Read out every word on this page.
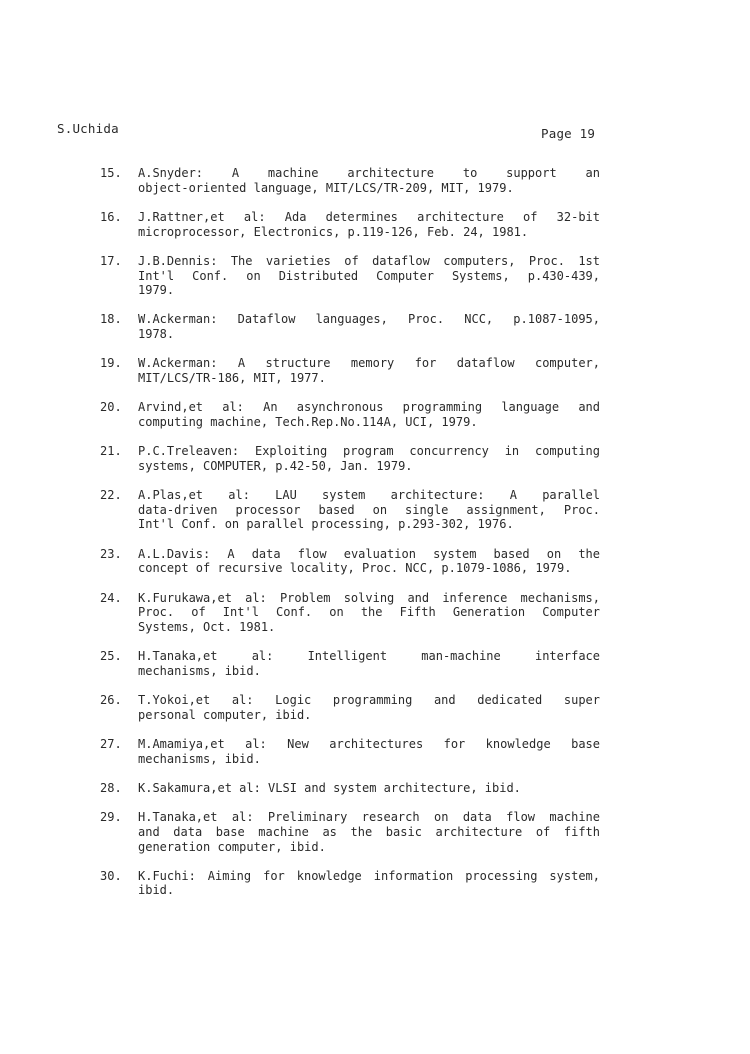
S.Uchida	Page 19
15. A.Snyder: A machine architecture to support an
object-oriented language, MIT/LCS/TR-209, MIT, 1979.
16. J.Rattner,et al: Ada determines architecture of 32-bit
microprocessor, Electronics, p.119-126, Feb. 24, 1981.
17. J.B.Dennis: The varieties of dataflow computers, Proc. 1st
Int'l Conf. on Distributed Computer Systems, p.430-439,
1979.
18. W.Ackerman: Dataflow languages, Proc. NCC, p.1087-1095,
1978.
19. W.Ackerman: A structure memory for dataflow computer,
MIT/LCS/TR-186, MIT, 1977.
20. Arvind,et al: An asynchronous programming language and
computing machine, Tech.Rep.No.114A, UCI, 1979.
21. P.C.Treleaven: Exploiting program concurrency in computing
systems, COMPUTER, p.42-50, Jan. 1979.
22. A.Plas,et al: LAU system architecture: A parallel
data-driven processor based on single assignment, Proc.
Int'l Conf. on parallel processing, p.293-302, 1976.
23. A.L.Davis: A data flow evaluation system based on the
concept of recursive locality, Proc. NCC, p.1079-1086, 1979.
24. K.Furukawa,et al: Problem solving and inference mechanisms,
Proc. of Int'l Conf. on the Fifth Generation Computer
Systems, Oct. 1981.
25. H.Tanaka,et al: Intelligent man-machine interface
mechanisms, ibid.
26. T.Yokoi,et al: Logic programming and dedicated super
personal computer, ibid.
27. M.Amamiya,et al: New architectures for knowledge base
mechanisms, ibid.
28. K.Sakamura,et al: VLSI and system architecture, ibid.
29. H.Tanaka,et al: Preliminary research on data flow machine
and data base machine as the basic architecture of fifth
generation computer, ibid.
30. K.Fuchi: Aiming for knowledge information processing system,
ibid.
